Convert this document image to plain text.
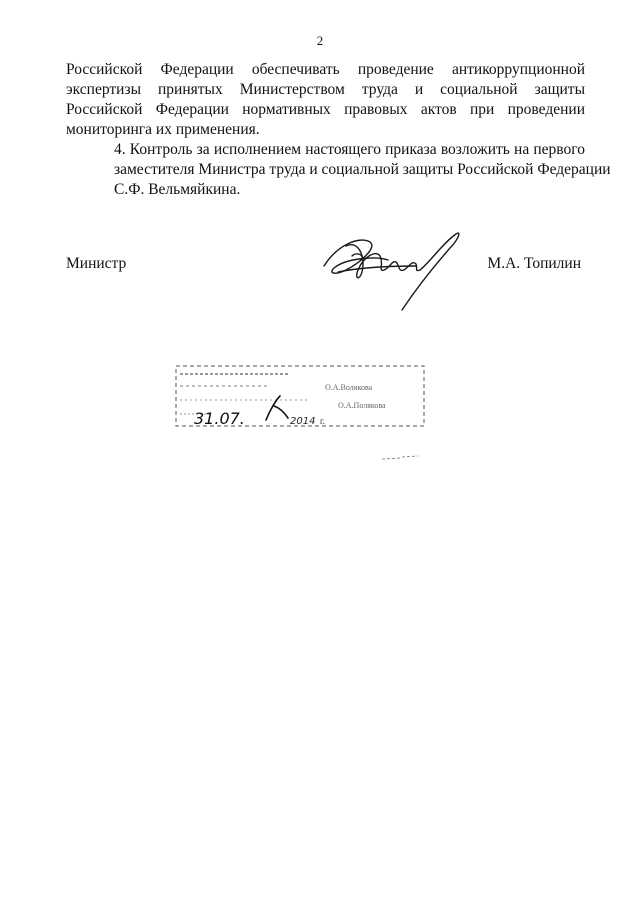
2

Российской Федерации обеспечивать проведение антикоррупционной
экспертизы принятых Министерством труда и социальной защиты
Российской Федерации нормативных правовых актов при проведении
мониторинга их применения.

4. Контроль за исполнением настоящего приказа возложить на первого
заместителя Министра труда и социальной защиты Российской Федерации
С.Ф. Вельмяйкина.

Министр	М.А. Топилин
О.А.Волякова
О.А.Полякова
31.07.	2014 г.
